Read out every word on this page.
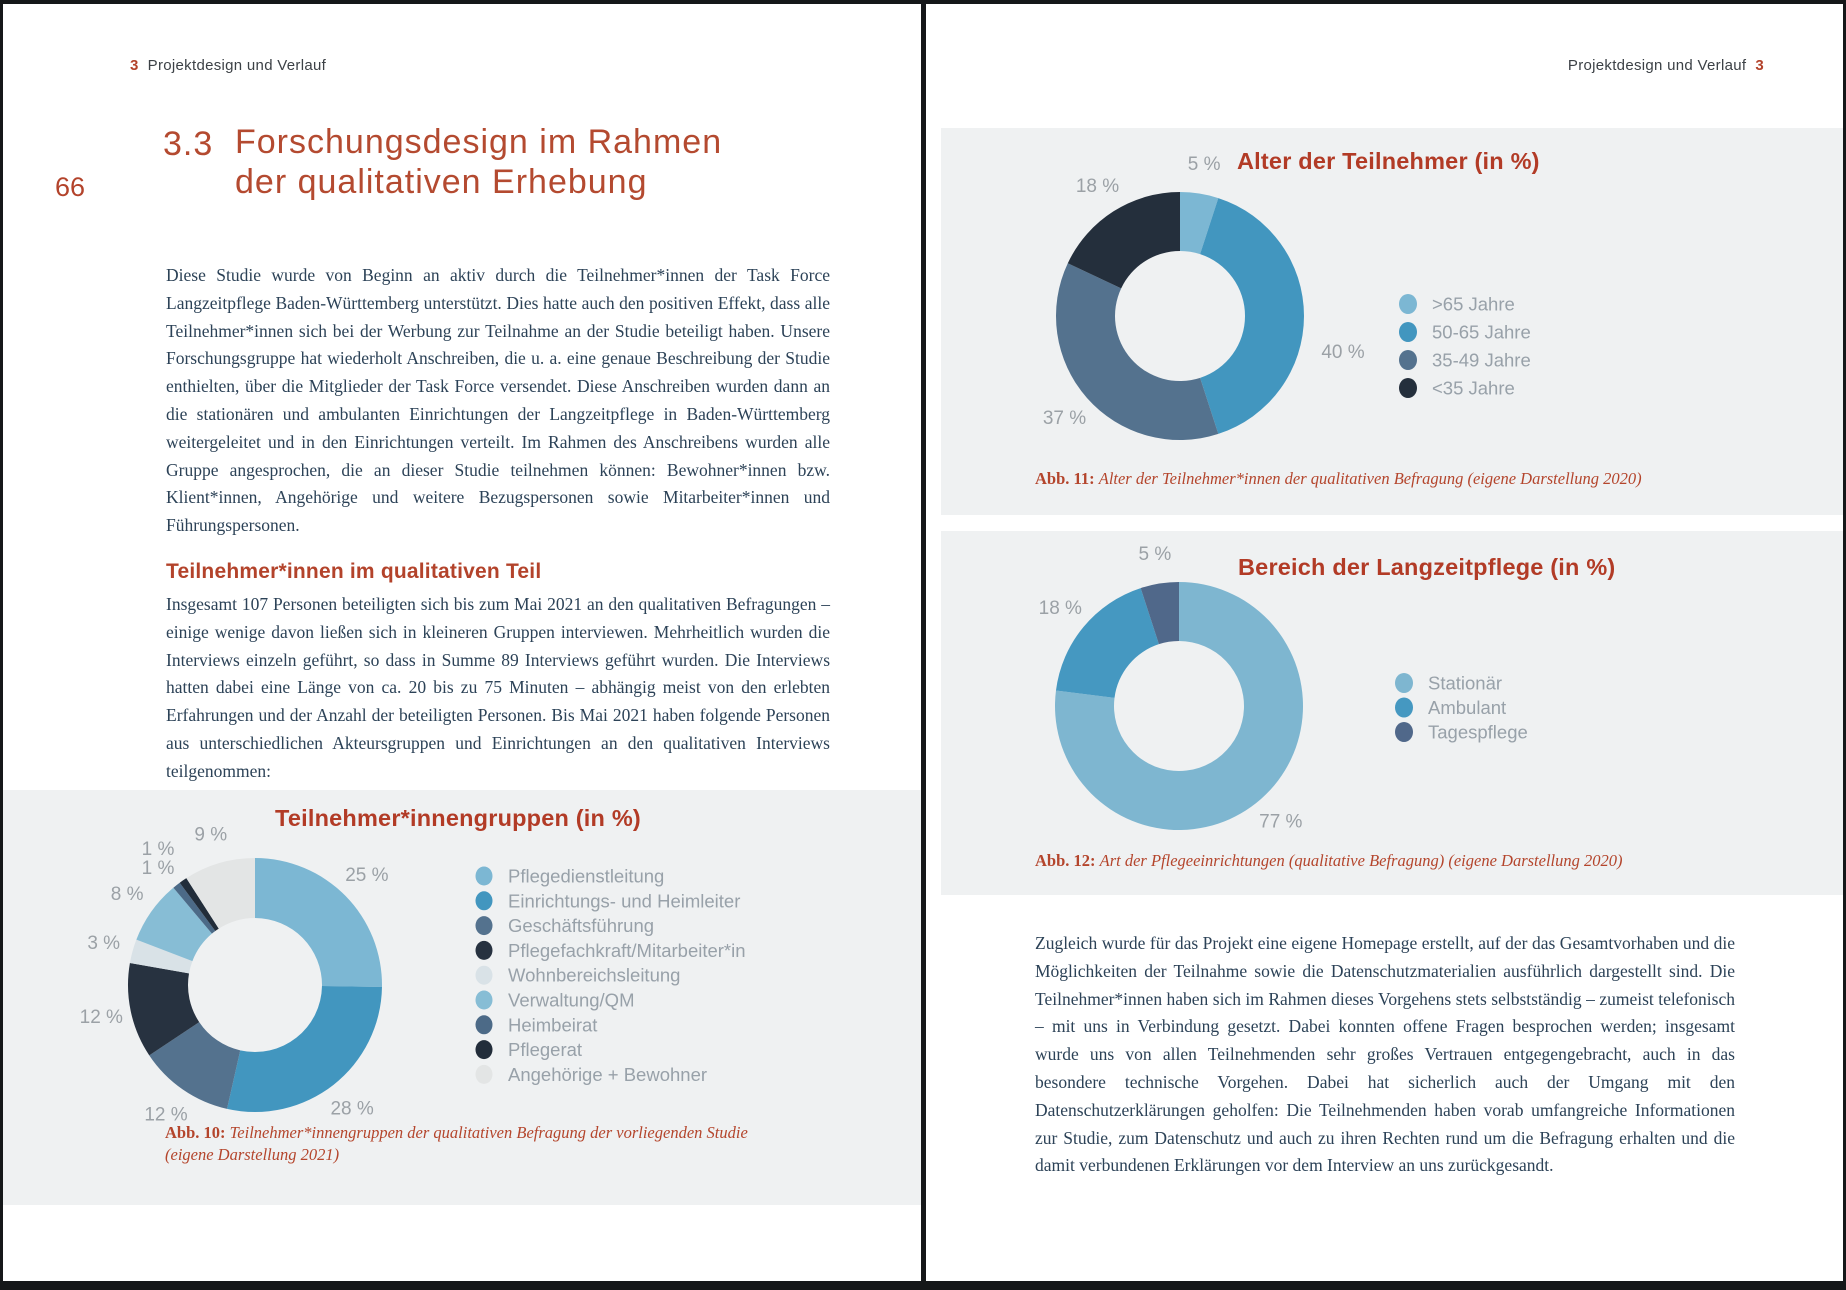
3 Projektdesign und Verlauf
66
3.3 Forschungsdesign im Rahmen
der qualitativen Erhebung
Diese Studie wurde von Beginn an aktiv durch die Teilnehmer*innen der Task Force Langzeitpflege Baden-Württemberg unterstützt. Dies hatte auch den positiven Effekt, dass alle Teilnehmer*innen sich bei der Werbung zur Teilnahme an der Studie beteiligt haben. Unsere Forschungsgruppe hat wiederholt Anschreiben, die u. a. eine genaue Beschreibung der Studie enthielten, über die Mitglieder der Task Force versendet. Diese Anschreiben wurden dann an die stationären und ambulanten Einrichtungen der Langzeitpflege in Baden-Württemberg weitergeleitet und in den Einrichtungen verteilt. Im Rahmen des Anschreibens wurden alle Gruppe angesprochen, die an dieser Studie teilnehmen können: Bewohner*innen bzw. Klient*innen, Angehörige und weitere Bezugspersonen sowie Mitarbeiter*innen und Führungspersonen.
Teilnehmer*innen im qualitativen Teil
Insgesamt 107 Personen beteiligten sich bis zum Mai 2021 an den qualitativen Befragungen – einige wenige davon ließen sich in kleineren Gruppen interviewen. Mehrheitlich wurden die Interviews einzeln geführt, so dass in Summe 89 Interviews geführt wurden. Die Interviews hatten dabei eine Länge von ca. 20 bis zu 75 Minuten – abhängig meist von den erlebten Erfahrungen und der Anzahl der beteiligten Personen. Bis Mai 2021 haben folgende Personen aus unterschiedlichen Akteursgruppen und Einrichtungen an den qualitativen Interviews teilgenommen:
Teilnehmer*innengruppen (in %)
Abb. 10: Teilnehmer*innengruppen der qualitativen Befragung der vorliegenden Studie (eigene Darstellung 2021)
Projektdesign und Verlauf 3
Alter der Teilnehmer (in %)
Abb. 11: Alter der Teilnehmer*innen der qualitativen Befragung (eigene Darstellung 2020)
Bereich der Langzeitpflege (in %)
Abb. 12: Art der Pflegeeinrichtungen (qualitative Befragung) (eigene Darstellung 2020)
Zugleich wurde für das Projekt eine eigene Homepage erstellt, auf der das Gesamtvorhaben und die Möglichkeiten der Teilnahme sowie die Datenschutzmaterialien ausführlich dargestellt sind. Die Teilnehmer*innen haben sich im Rahmen dieses Vorgehens stets selbstständig – zumeist telefonisch – mit uns in Verbindung gesetzt. Dabei konnten offene Fragen besprochen werden; insgesamt wurde uns von allen Teilnehmenden sehr großes Vertrauen entgegengebracht, auch in das besondere technische Vorgehen. Dabei hat sicherlich auch der Umgang mit den Datenschutzerklärungen geholfen: Die Teilnehmenden haben vorab umfangreiche Informationen zur Studie, zum Datenschutz und auch zu ihren Rechten rund um die Befragung erhalten und die damit verbundenen Erklärungen vor dem Interview an uns zurückgesandt.
25 %
28 %
12 %
12 %
3 %
8 %
1 %
1 %
9 %
Pflegedienstleitung
Einrichtungs- und Heimleiter
Geschäftsführung
Pflegefachkraft/Mitarbeiter*in
Wohnbereichsleitung
Verwaltung/QM
Heimbeirat
Pflegerat
Angehörige + Bewohner
5 %
40 %
37 %
18 %
>65 Jahre
50-65 Jahre
35-49 Jahre
<35 Jahre
77 %
18 %
5 %
Stationär
Ambulant
Tagespflege
